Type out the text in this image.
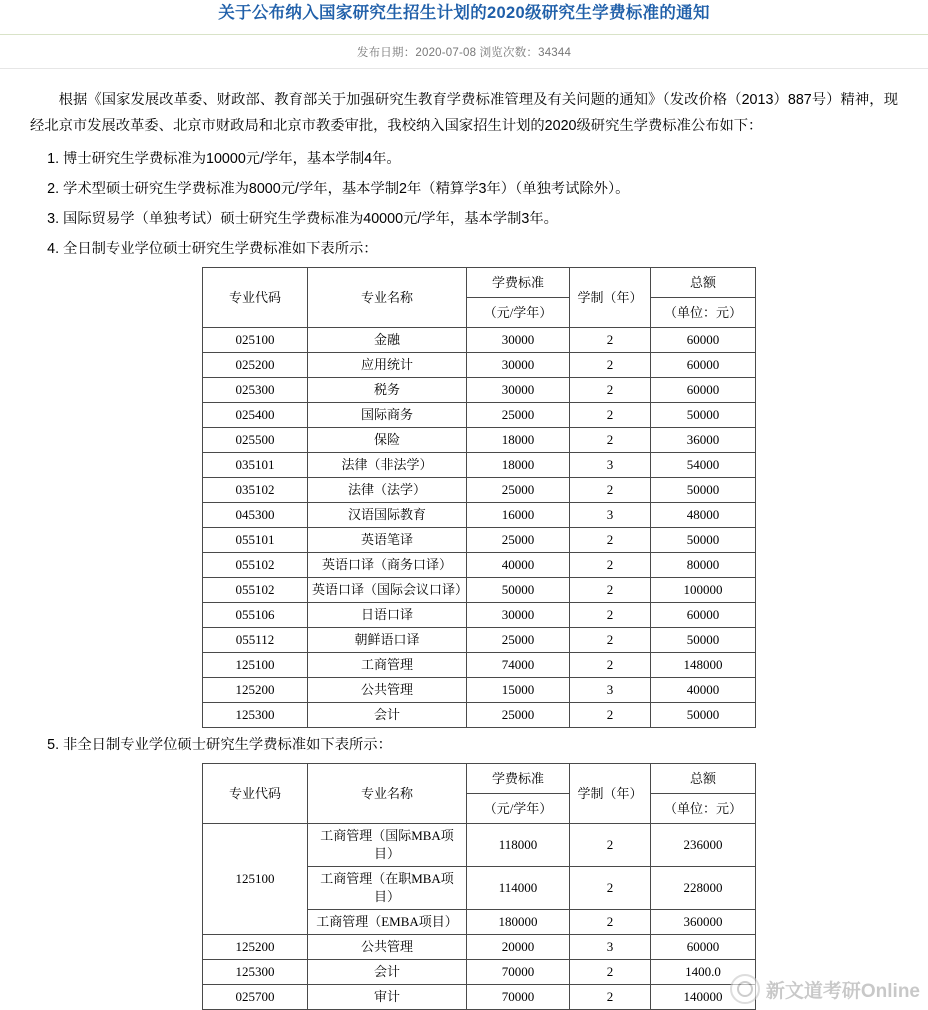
关于公布纳入国家研究生招生计划的2020级研究生学费标准的通知
发布日期：2020-07-08 浏览次数：34344

根据《国家发展改革委、财政部、教育部关于加强研究生教育学费标准管理及有关问题的通知》（发改价格（2013）887号）精神，现经北京市发展改革委、北京市财政局和北京市教委审批，我校纳入国家招生计划的2020级研究生学费标准公布如下：

1. 博士研究生学费标准为10000元/学年，基本学制4年。

2. 学术型硕士研究生学费标准为8000元/学年，基本学制2年（精算学3年）（单独考试除外）。

3. 国际贸易学（单独考试）硕士研究生学费标准为40000元/学年，基本学制3年。

4. 全日制专业学位硕士研究生学费标准如下表所示：

专业代码	专业名称	学费标准	学制（年）	总额
		（元/学年）		（单位：元）
025100	金融	30000	2	60000
025200	应用统计	30000	2	60000
025300	税务	30000	2	60000
025400	国际商务	25000	2	50000
025500	保险	18000	2	36000
035101	法律（非法学）	18000	3	54000
035102	法律（法学）	25000	2	50000
045300	汉语国际教育	16000	3	48000
055101	英语笔译	25000	2	50000
055102	英语口译（商务口译）	40000	2	80000
055102	英语口译（国际会议口译）	50000	2	100000
055106	日语口译	30000	2	60000
055112	朝鲜语口译	25000	2	50000
125100	工商管理	74000	2	148000
125200	公共管理	15000	3	40000
125300	会计	25000	2	50000

5. 非全日制专业学位硕士研究生学费标准如下表所示：

专业代码	专业名称	学费标准	学制（年）	总额
		（元/学年）		（单位：元）
125100	工商管理（国际MBA项目）	118000	2	236000
	工商管理（在职MBA项目）	114000	2	228000
	工商管理（EMBA项目）	180000	2	360000
125200	公共管理	20000	3	60000
125300	会计	70000	2	1400.0
025700	审计	70000	2	140000 新文道考研Online
